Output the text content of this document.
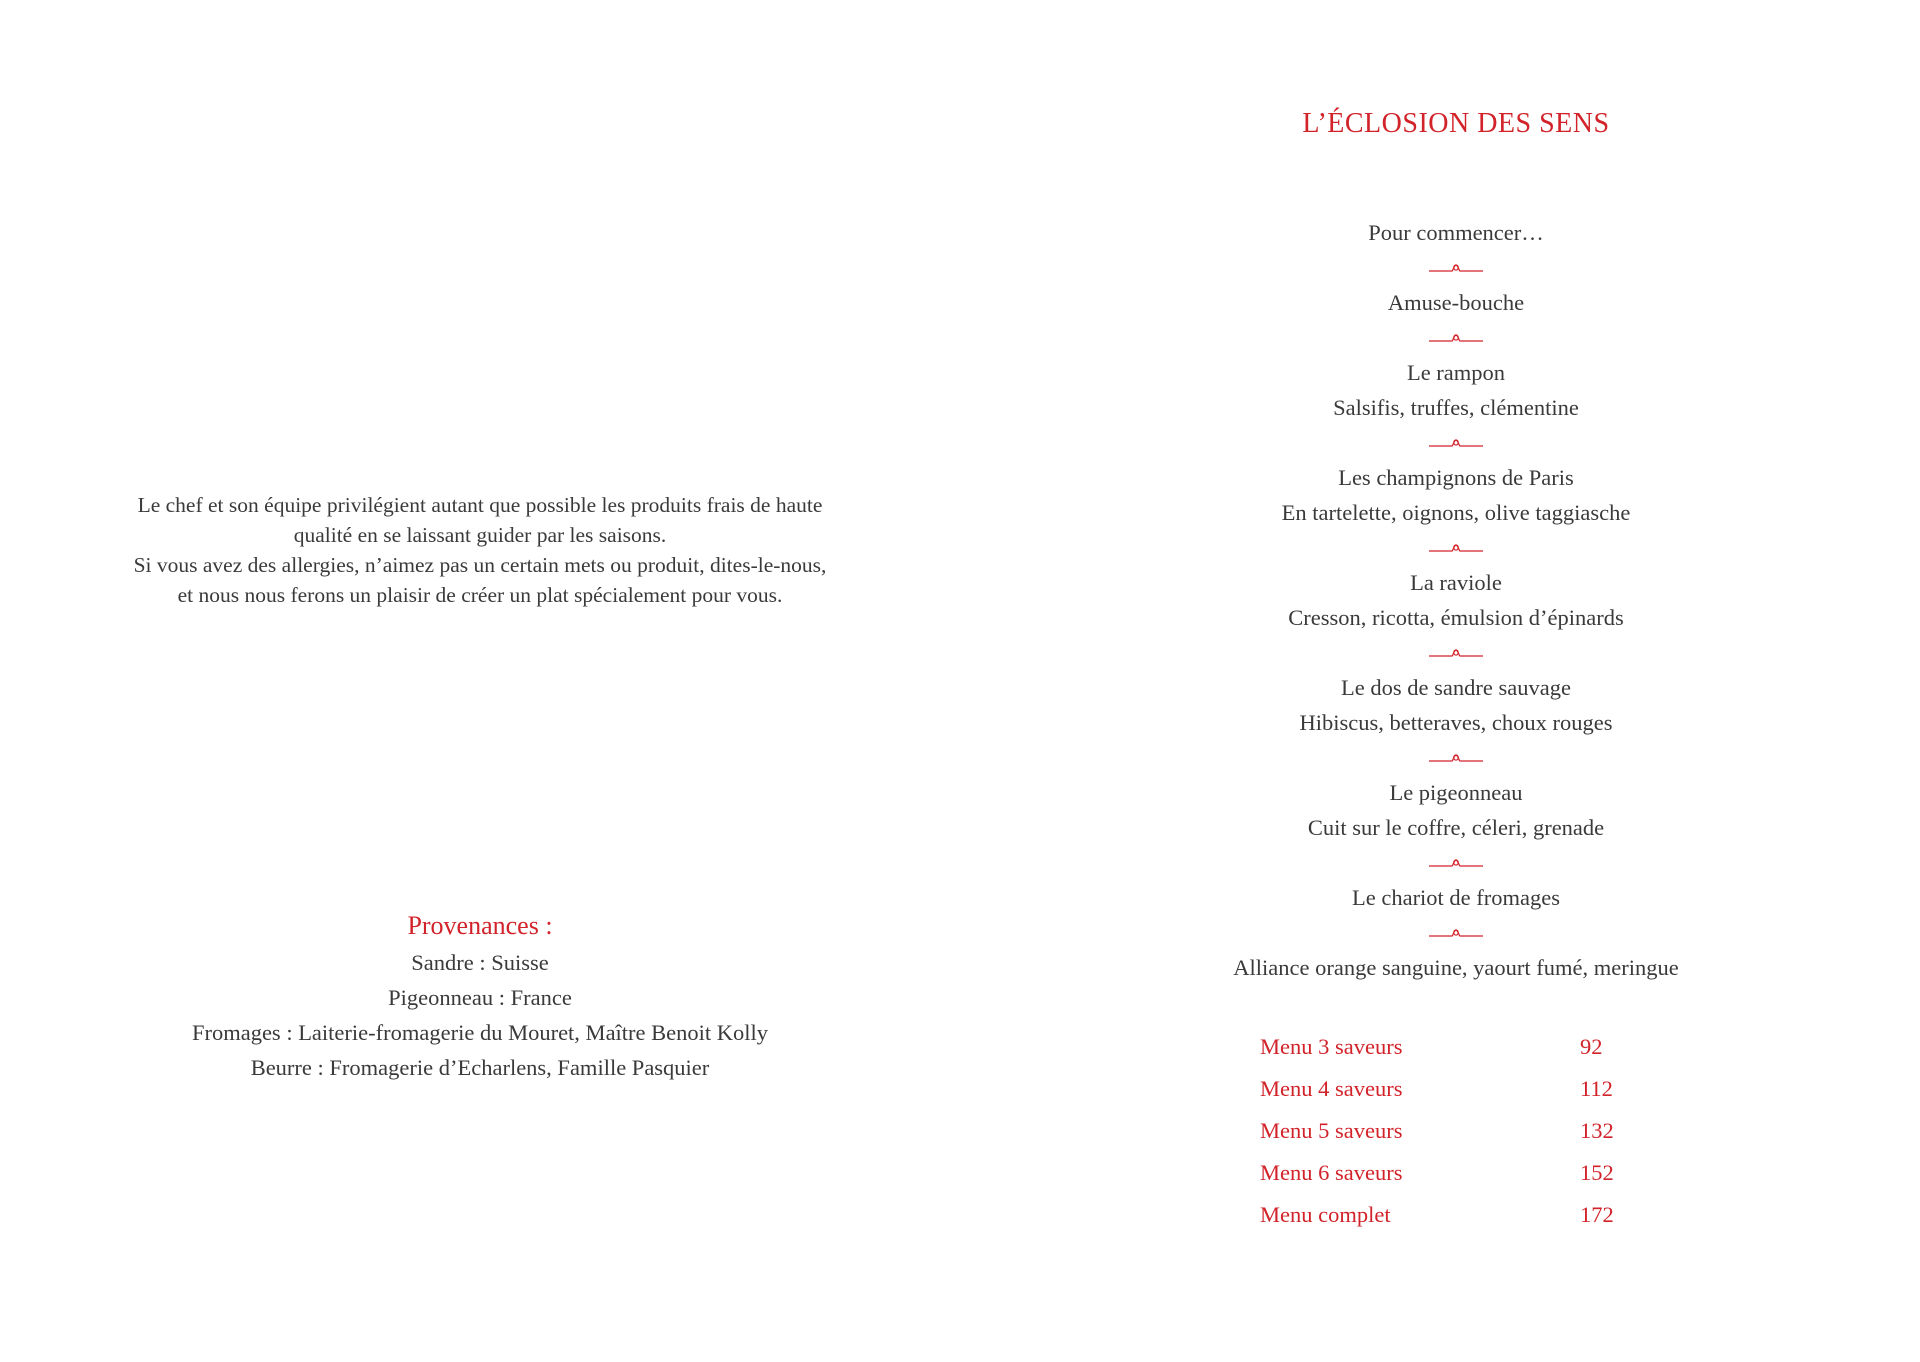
Le chef et son équipe privilégient autant que possible les produits frais de haute
qualité en se laissant guider par les saisons.
Si vous avez des allergies, n’aimez pas un certain mets ou produit, dites-le-nous,
et nous nous ferons un plaisir de créer un plat spécialement pour vous.
Provenances :
Sandre : Suisse
Pigeonneau : France
Fromages : Laiterie-fromagerie du Mouret, Maître Benoit Kolly
Beurre : Fromagerie d’Echarlens, Famille Pasquier
L’ÉCLOSION DES SENS
Pour commencer…
Amuse-bouche
Le rampon
Salsifis, truffes, clémentine
Les champignons de Paris
En tartelette, oignons, olive taggiasche
La raviole
Cresson, ricotta, émulsion d’épinards
Le dos de sandre sauvage
Hibiscus, betteraves, choux rouges
Le pigeonneau
Cuit sur le coffre, céleri, grenade
Le chariot de fromages
Alliance orange sanguine, yaourt fumé, meringue
Menu 3 saveurs	92
Menu 4 saveurs	112
Menu 5 saveurs	132
Menu 6 saveurs	152
Menu complet	172
